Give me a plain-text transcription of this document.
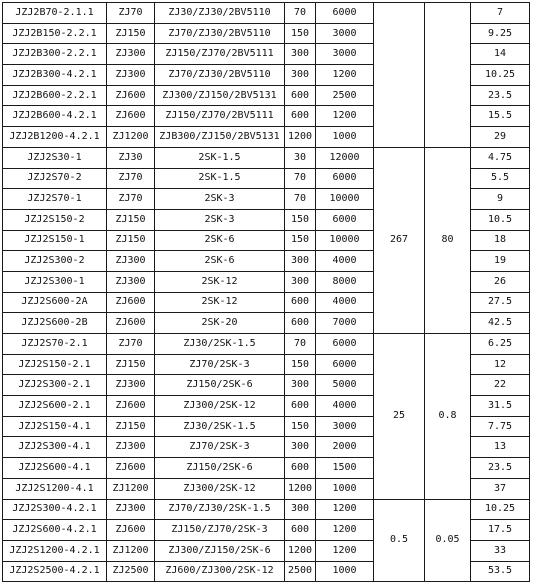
JZJ2B70-2.1.1	ZJ70	ZJ30/ZJ30/2BV5110	70	6000			7
JZJ2B150-2.2.1	ZJ150	ZJ70/ZJ30/2BV5110	150	3000			9.25
JZJ2B300-2.2.1	ZJ300	ZJ150/ZJ70/2BV5111	300	3000			14
JZJ2B300-4.2.1	ZJ300	ZJ70/ZJ30/2BV5110	300	1200			10.25
JZJ2B600-2.2.1	ZJ600	ZJ300/ZJ150/2BV5131	600	2500			23.5
JZJ2B600-4.2.1	ZJ600	ZJ150/ZJ70/2BV5111	600	1200			15.5
JZJ2B1200-4.2.1	ZJ1200	ZJB300/ZJ150/2BV5131	1200	1000			29
JZJ2S30-1	ZJ30	2SK-1.5	30	12000	267	80	4.75
JZJ2S70-2	ZJ70	2SK-1.5	70	6000			5.5
JZJ2S70-1	ZJ70	2SK-3	70	10000			9
JZJ2S150-2	ZJ150	2SK-3	150	6000			10.5
JZJ2S150-1	ZJ150	2SK-6	150	10000			18
JZJ2S300-2	ZJ300	2SK-6	300	4000			19
JZJ2S300-1	ZJ300	2SK-12	300	8000			26
JZJ2S600-2A	ZJ600	2SK-12	600	4000			27.5
JZJ2S600-2B	ZJ600	2SK-20	600	7000			42.5
JZJ2S70-2.1	ZJ70	ZJ30/2SK-1.5	70	6000	25	0.8	6.25
JZJ2S150-2.1	ZJ150	ZJ70/2SK-3	150	6000			12
JZJ2S300-2.1	ZJ300	ZJ150/2SK-6	300	5000			22
JZJ2S600-2.1	ZJ600	ZJ300/2SK-12	600	4000			31.5
JZJ2S150-4.1	ZJ150	ZJ30/2SK-1.5	150	3000			7.75
JZJ2S300-4.1	ZJ300	ZJ70/2SK-3	300	2000			13
JZJ2S600-4.1	ZJ600	ZJ150/2SK-6	600	1500			23.5
JZJ2S1200-4.1	ZJ1200	ZJ300/2SK-12	1200	1000			37
JZJ2S300-4.2.1	ZJ300	ZJ70/ZJ30/2SK-1.5	300	1200	0.5	0.05	10.25
JZJ2S600-4.2.1	ZJ600	ZJ150/ZJ70/2SK-3	600	1200			17.5
JZJ2S1200-4.2.1	ZJ1200	ZJ300/ZJ150/2SK-6	1200	1200			33
JZJ2S2500-4.2.1	ZJ2500	ZJ600/ZJ300/2SK-12	2500	1000			53.5
